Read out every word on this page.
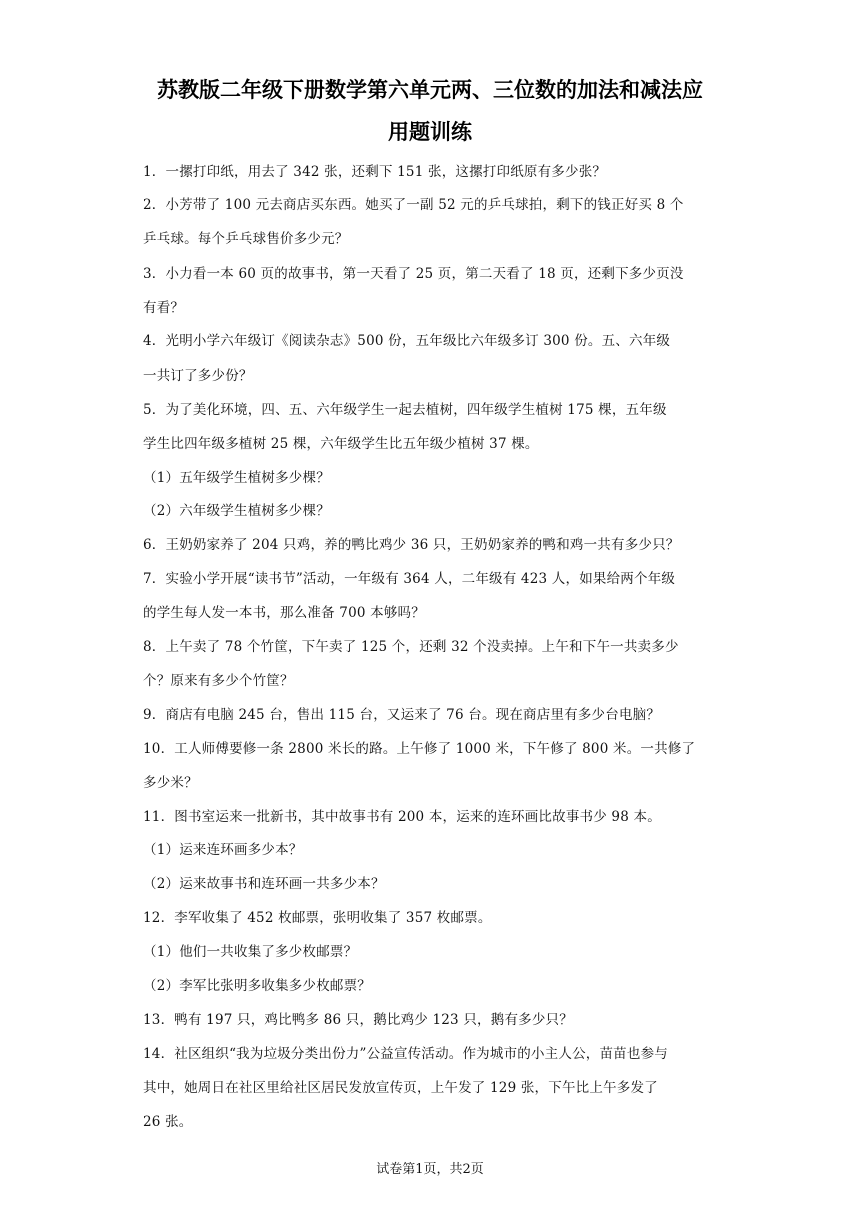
苏教版二年级下册数学第六单元两、三位数的加法和减法应
用题训练
1．一摞打印纸，用去了 342 张，还剩下 151 张，这摞打印纸原有多少张？
2．小芳带了 100 元去商店买东西。她买了一副 52 元的乒乓球拍，剩下的钱正好买 8 个
乒乓球。每个乒乓球售价多少元？
3．小力看一本 60 页的故事书，第一天看了 25 页，第二天看了 18 页，还剩下多少页没
有看？
4．光明小学六年级订《阅读杂志》500 份，五年级比六年级多订 300 份。五、六年级
一共订了多少份？
5．为了美化环境，四、五、六年级学生一起去植树，四年级学生植树 175 棵，五年级
学生比四年级多植树 25 棵，六年级学生比五年级少植树 37 棵。
（1）五年级学生植树多少棵？
（2）六年级学生植树多少棵？
6．王奶奶家养了 204 只鸡，养的鸭比鸡少 36 只，王奶奶家养的鸭和鸡一共有多少只？
7．实验小学开展“读书节”活动，一年级有 364 人，二年级有 423 人，如果给两个年级
的学生每人发一本书，那么准备 700 本够吗？
8．上午卖了 78 个竹筐，下午卖了 125 个，还剩 32 个没卖掉。上午和下午一共卖多少
个？原来有多少个竹筐？
9．商店有电脑 245 台，售出 115 台，又运来了 76 台。现在商店里有多少台电脑？
10．工人师傅要修一条 2800 米长的路。上午修了 1000 米，下午修了 800 米。一共修了
多少米？
11．图书室运来一批新书，其中故事书有 200 本，运来的连环画比故事书少 98 本。
（1）运来连环画多少本？
（2）运来故事书和连环画一共多少本？
12．李军收集了 452 枚邮票，张明收集了 357 枚邮票。
（1）他们一共收集了多少枚邮票？
（2）李军比张明多收集多少枚邮票？
13．鸭有 197 只，鸡比鸭多 86 只，鹅比鸡少 123 只，鹅有多少只？
14．社区组织“我为垃圾分类出份力”公益宣传活动。作为城市的小主人公，苗苗也参与
其中，她周日在社区里给社区居民发放宣传页，上午发了 129 张，下午比上午多发了
26 张。
试卷第1页，共2页
